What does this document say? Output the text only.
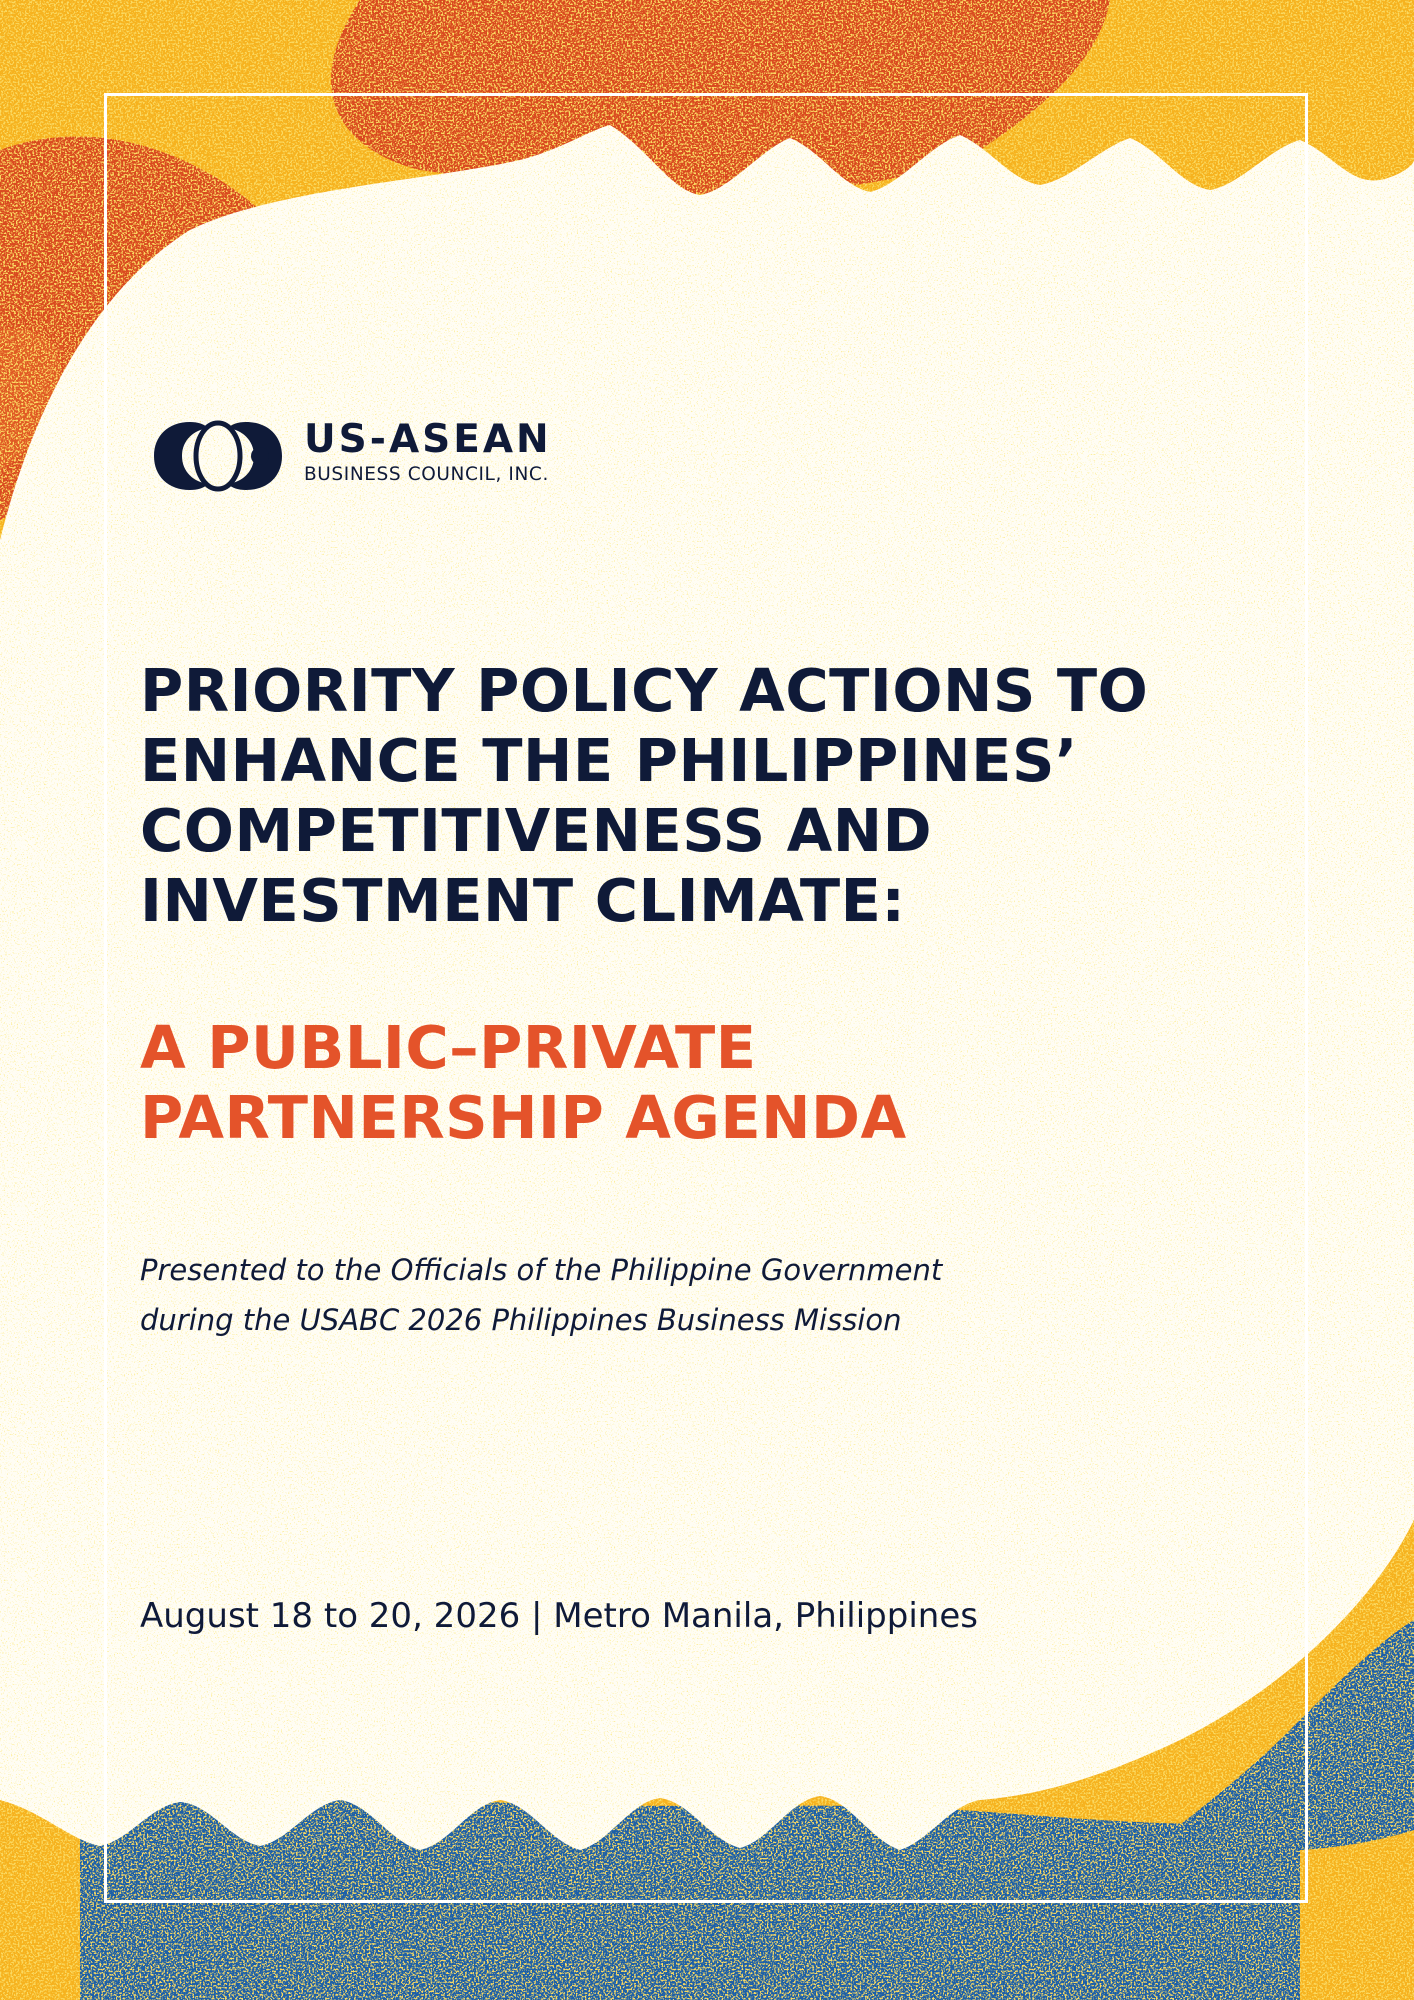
US-ASEAN
BUSINESS COUNCIL, INC.
PRIORITY POLICY ACTIONS TO
ENHANCE THE PHILIPPINES’
COMPETITIVENESS AND
INVESTMENT CLIMATE:
A PUBLIC–PRIVATE
PARTNERSHIP AGENDA
Presented to the Officials of the Philippine Government
during the USABC 2026 Philippines Business Mission
August 18 to 20, 2026 | Metro Manila, Philippines
